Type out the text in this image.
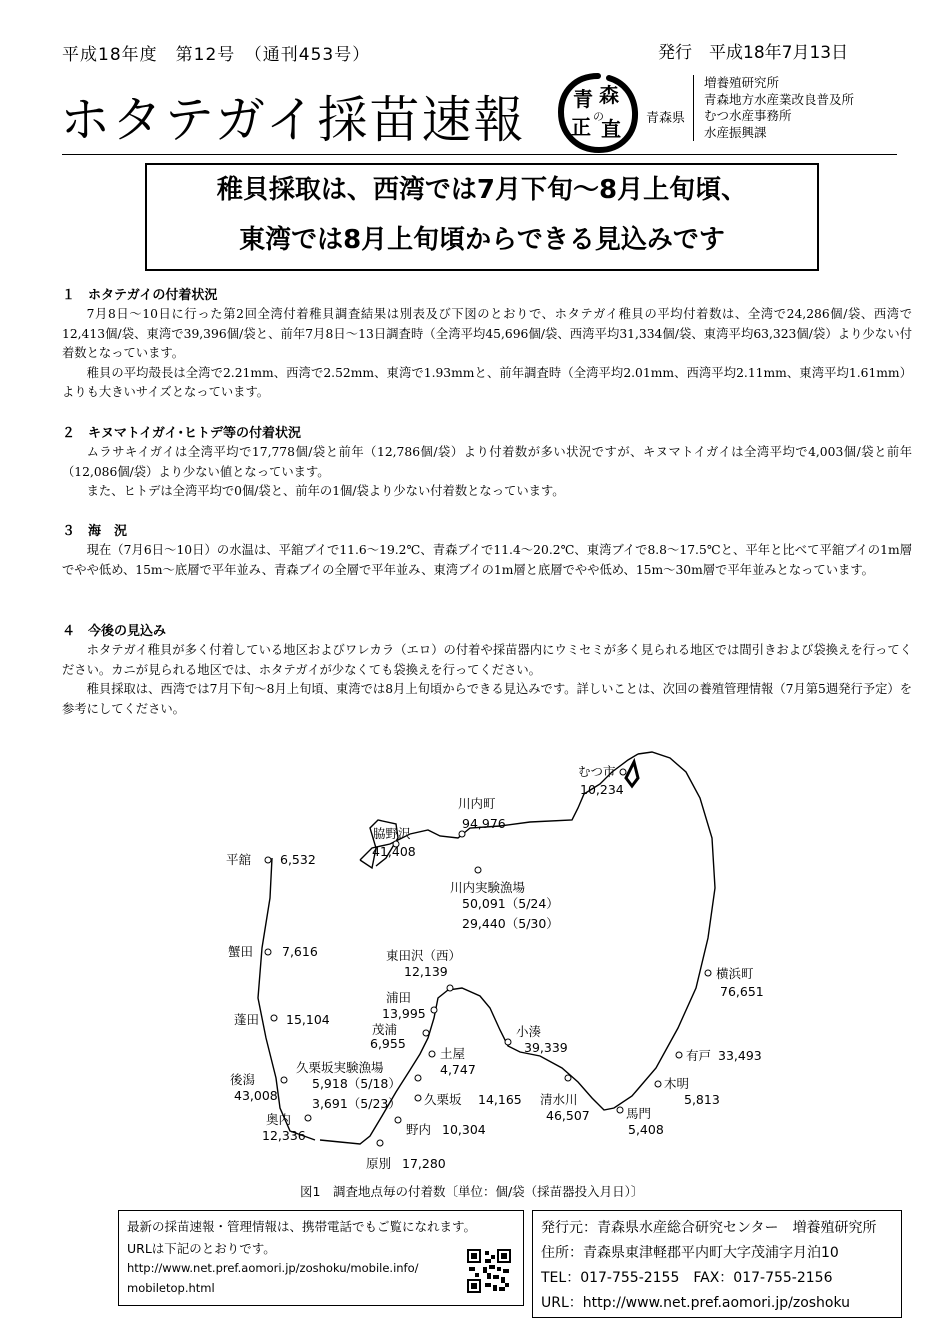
平成18年度　第12号　（通刊453号）	発行　平成18年7月13日
ホタテガイ採苗速報 青 森
の
正 直 青森県
増養殖研究所
青森地方水産業改良普及所
むつ水産事務所
水産振興課
稚貝採取は、西湾では7月下旬～8月上旬頃、
東湾では8月上旬頃からできる見込みです
１　ホタテガイの付着状況

7月8日～10日に行った第2回全湾付着稚貝調査結果は別表及び下図のとおりで、ホタテガイ稚貝の平均付着数は、全湾で24,286個/袋、西湾で12,413個/袋、東湾で39,396個/袋と、前年7月8日～13日調査時（全湾平均45,696個/袋、西湾平均31,334個/袋、東湾平均63,323個/袋）より少ない付着数となっています。

稚貝の平均殻長は全湾で2.21mm、西湾で2.52mm、東湾で1.93mmと、前年調査時（全湾平均2.01mm、西湾平均2.11mm、東湾平均1.61mm）よりも大きいサイズとなっています。

２　キヌマトイガイ･ヒトデ等の付着状況

ムラサキイガイは全湾平均で17,778個/袋と前年（12,786個/袋）より付着数が多い状況ですが、キヌマトイガイは全湾平均で4,003個/袋と前年（12,086個/袋）より少ない値となっています。

また、ヒトデは全湾平均で0個/袋と、前年の1個/袋より少ない付着数となっています。

３　海　況

現在（7月6日～10日）の水温は、平舘ブイで11.6～19.2℃、青森ブイで11.4～20.2℃、東湾ブイで8.8～17.5℃と、平年と比べて平舘ブイの1m層でやや低め、15m～底層で平年並み、青森ブイの全層で平年並み、東湾ブイの1m層と底層でやや低め、15m～30m層で平年並みとなっています。

４　今後の見込み

ホタテガイ稚貝が多く付着している地区およびワレカラ（エロ）の付着や採苗器内にウミセミが多く見られる地区では間引きおよび袋換えを行ってください。カニが見られる地区では、ホタテガイが少なくても袋換えを行ってください。

稚貝採取は、西湾では7月下旬～8月上旬頃、東湾では8月上旬頃からできる見込みです。詳しいことは、次回の養殖管理情報（7月第5週発行予定）を参考にしてください。

むつ市
10,234
川内町
94,976
脇野沢
41,408
平舘 6,532
川内実験漁場
50,091（5/24）
29,440（5/30）
蟹田 7,616	東田沢（西）
12,139	横浜町
76,651
浦田
13,995
蓬田 15,104
茂浦
6,955
小湊
39,339
有戸 33,493
土屋
4,747
後潟
43,008
久栗坂実験漁場
5,918（5/18）
3,691（5/23）
木明
5,813
久栗坂 14,165 清水川
46,507
奥内
12,336
馬門
5,408
野内 10,304
原別 17,280
図1　調査地点毎の付着数〔単位：個/袋（採苗器投入月日）〕
最新の採苗速報・管理情報は、携帯電話でもご覧になれます。
URLは下記のとおりです。
http://www.net.pref.aomori.jp/zoshoku/mobile.info/
mobiletop.html
発行元：青森県水産総合研究センター　増養殖研究所
住所：青森県東津軽郡平内町大字茂浦字月泊10
TEL：017-755-2155　FAX：017-755-2156
URL：http://www.net.pref.aomori.jp/zoshoku
